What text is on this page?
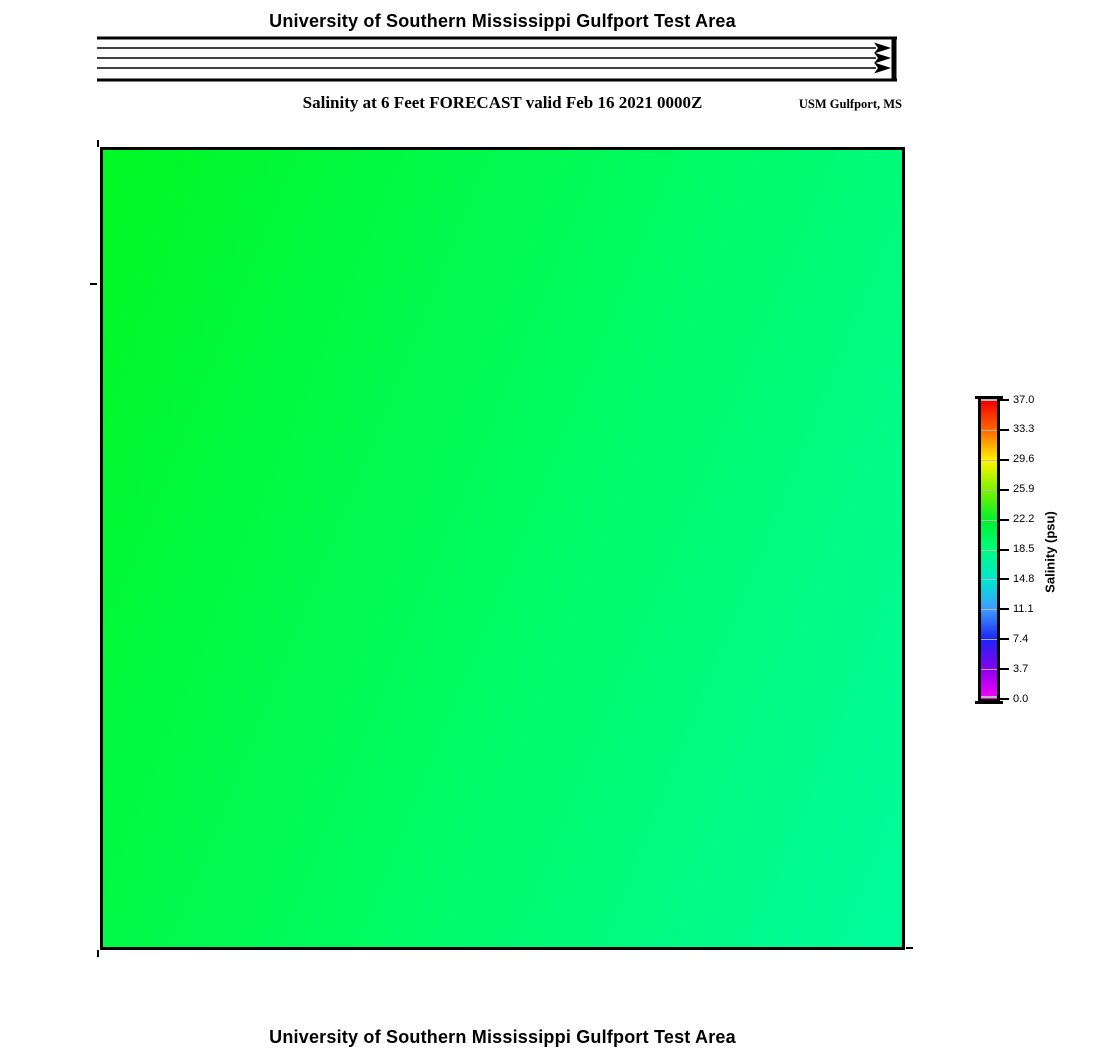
University of Southern Mississippi Gulfport Test Area
Salinity at 6 Feet FORECAST valid Feb 16 2021 0000Z	USM Gulfport, MS
37.0
33.3
29.6
25.9
22.2
18.5
14.8
11.1
7.4
3.7
0.0
Salinity (psu)
University of Southern Mississippi Gulfport Test Area
